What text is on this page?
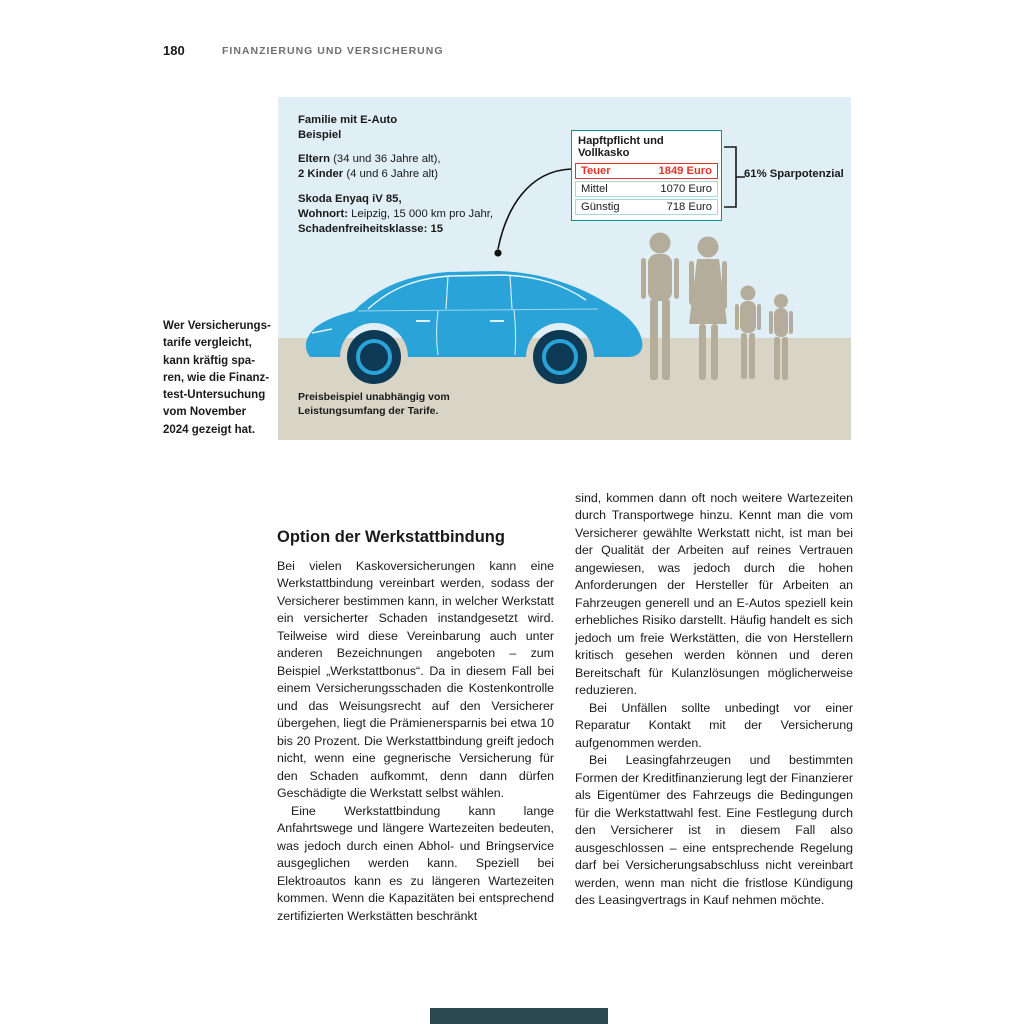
180	FINANZIERUNG UND VERSICHERUNG
Wer Versicherungs-
tarife vergleicht,
kann kräftig spa-
ren, wie die Finanz-
test-Untersuchung
vom November
2024 gezeigt hat.
Familie mit E-Auto
Beispiel
Eltern (34 und 36 Jahre alt),
2 Kinder (4 und 6 Jahre alt)
Skoda Enyaq iV 85,
Wohnort: Leipzig, 15 000 km pro Jahr,
Schadenfreiheitsklasse: 15
Hapftpflicht und Vollkasko
Teuer	1849 Euro
Mittel	1070 Euro
Günstig	718 Euro
61% Sparpotenzial
Preisbeispiel unabhängig vom
Leistungsumfang der Tarife.
Option der Werkstattbindung

Bei vielen Kaskoversicherungen kann eine Werkstattbindung vereinbart werden, sodass der Versicherer bestimmen kann, in welcher Werkstatt ein versicherter Schaden instandgesetzt wird. Teilweise wird diese Vereinbarung auch unter anderen Bezeichnungen angeboten – zum Beispiel „Werkstattbonus“. Da in diesem Fall bei einem Versicherungsschaden die Kostenkontrolle und das Weisungsrecht auf den Versicherer übergehen, liegt die Prämienersparnis bei etwa 10 bis 20 Prozent. Die Werkstattbindung greift jedoch nicht, wenn eine gegnerische Versicherung für den Schaden aufkommt, denn dann dürfen Geschädigte die Werkstatt selbst wählen.

Eine Werkstattbindung kann lange Anfahrtswege und längere Wartezeiten bedeuten, was jedoch durch einen Abhol- und Bringservice ausgeglichen werden kann. Speziell bei Elektroautos kann es zu längeren Wartezeiten kommen. Wenn die Kapazitäten bei entsprechend zertifizierten Werkstätten beschränkt

sind, kommen dann oft noch weitere Wartezeiten durch Transportwege hinzu. Kennt man die vom Versicherer gewählte Werkstatt nicht, ist man bei der Qualität der Arbeiten auf reines Vertrauen angewiesen, was jedoch durch die hohen Anforderungen der Hersteller für Arbeiten an Fahrzeugen generell und an E-Autos speziell kein erhebliches Risiko darstellt. Häufig handelt es sich jedoch um freie Werkstätten, die von Herstellern kritisch gesehen werden können und deren Bereitschaft für Kulanzlösungen möglicherweise reduzieren.

Bei Unfällen sollte unbedingt vor einer Reparatur Kontakt mit der Versicherung aufgenommen werden.

Bei Leasingfahrzeugen und bestimmten Formen der Kreditfinanzierung legt der Finanzierer als Eigentümer des Fahrzeugs die Bedingungen für die Werkstattwahl fest. Eine Festlegung durch den Versicherer ist in diesem Fall also ausgeschlossen – eine entsprechende Regelung darf bei Versicherungsabschluss nicht vereinbart werden, wenn man nicht die fristlose Kündigung des Leasingvertrags in Kauf nehmen möchte.
